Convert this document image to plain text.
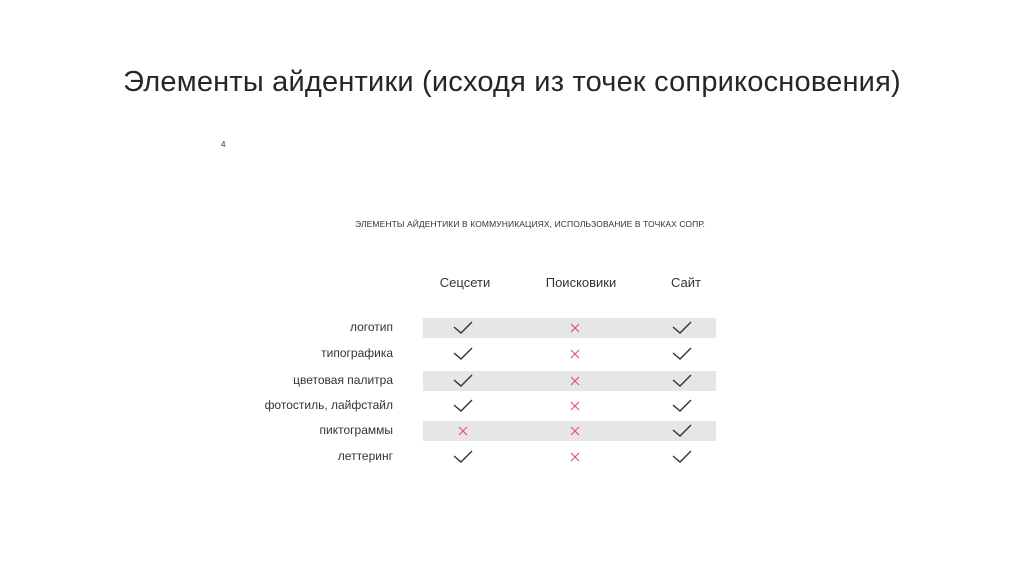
Элементы айдентики (исходя из точек соприкосновения)
4
ЭЛЕМЕНТЫ АЙДЕНТИКИ В КОММУНИКАЦИЯХ, ИСПОЛЬЗОВАНИЕ В ТОЧКАХ СОПР.
Сецсети	Поисковики	Сайт
логотип
типографика
цветовая палитра
фотостиль, лайфстайл
пиктограммы
леттеринг
